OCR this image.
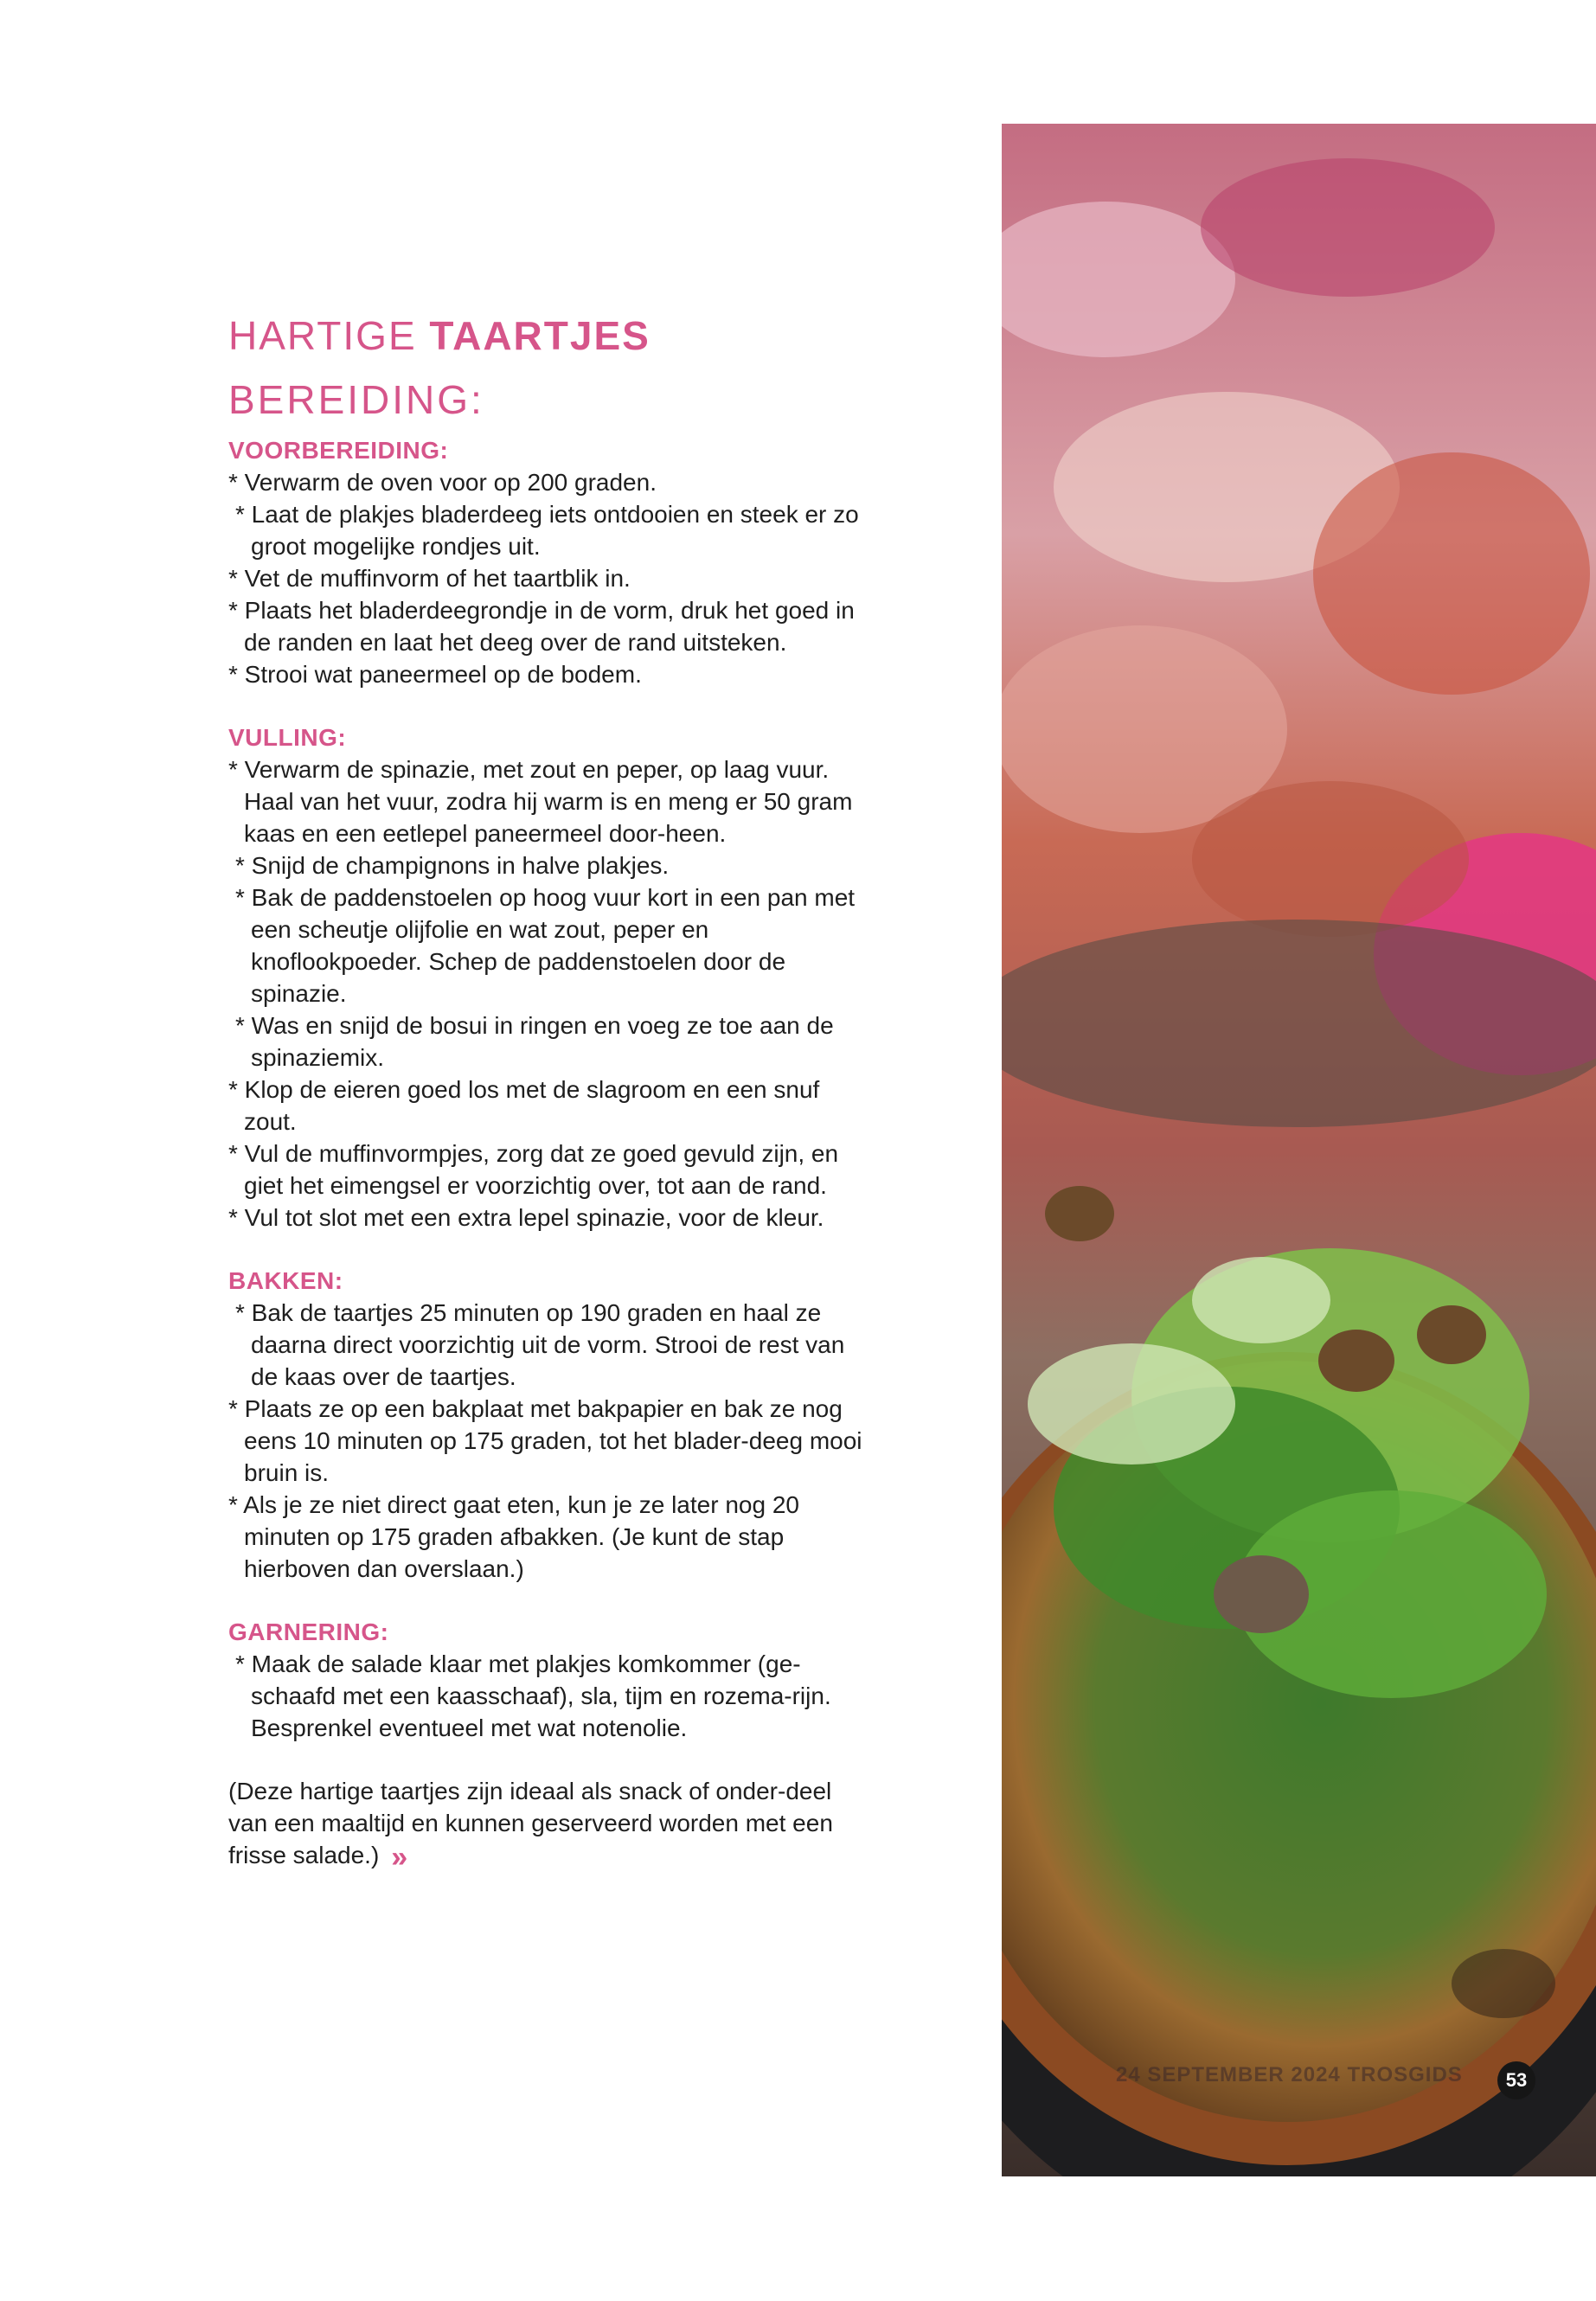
HARTIGE TAARTJES
BEREIDING:
VOORBEREIDING:
* Verwarm de oven voor op 200 graden.
* Laat de plakjes bladerdeeg iets ontdooien en steek er zo groot mogelijke rondjes uit.
* Vet de muffinvorm of het taartblik in.
* Plaats het bladerdeegrondje in de vorm, druk het goed in de randen en laat het deeg over de rand uitsteken.
* Strooi wat paneermeel op de bodem.
VULLING:
* Verwarm de spinazie, met zout en peper, op laag vuur. Haal van het vuur, zodra hij warm is en meng er 50 gram kaas en een eetlepel paneermeel door-heen.
* Snijd de champignons in halve plakjes.
* Bak de paddenstoelen op hoog vuur kort in een pan met een scheutje olijfolie en wat zout, peper en knoflookpoeder. Schep de paddenstoelen door de spinazie.
* Was en snijd de bosui in ringen en voeg ze toe aan de spinaziemix.
* Klop de eieren goed los met de slagroom en een snuf zout.
* Vul de muffinvormpjes, zorg dat ze goed gevuld zijn, en giet het eimengsel er voorzichtig over, tot aan de rand.
* Vul tot slot met een extra lepel spinazie, voor de kleur.
BAKKEN:
* Bak de taartjes 25 minuten op 190 graden en haal ze daarna direct voorzichtig uit de vorm. Strooi de rest van de kaas over de taartjes.
* Plaats ze op een bakplaat met bakpapier en bak ze nog eens 10 minuten op 175 graden, tot het blader-deeg mooi bruin is.
* Als je ze niet direct gaat eten, kun je ze later nog 20 minuten op 175 graden afbakken. (Je kunt de stap hierboven dan overslaan.)
GARNERING:
* Maak de salade klaar met plakjes komkommer (ge-schaafd met een kaasschaaf), sla, tijm en rozema-rijn. Besprenkel eventueel met wat notenolie.
(Deze hartige taartjes zijn ideaal als snack of onder-deel van een maaltijd en kunnen geserveerd worden met een frisse salade.) »
24 SEPTEMBER 2024 TROSGIDS	53
